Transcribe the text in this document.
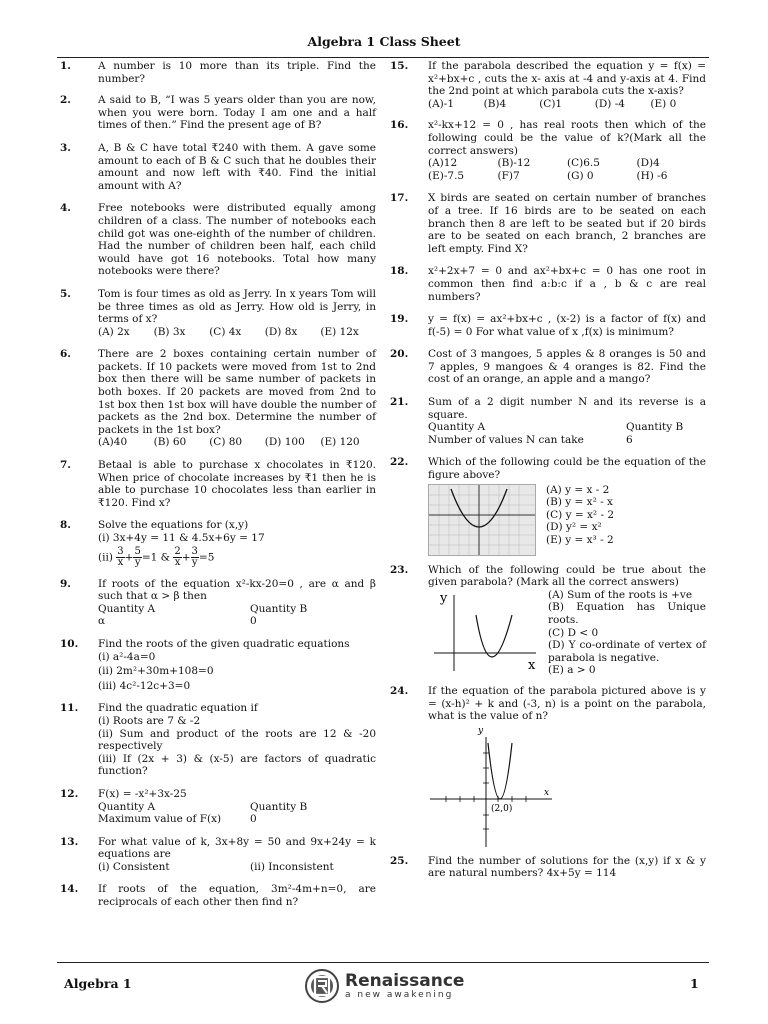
Algebra 1 Class Sheet
1.	A number is 10 more than its triple. Find the number?
2.	A said to B, “I was 5 years older than you are now, when you were born. Today I am one and a half times of then.” Find the present age of B?
3.	A, B & C have total ₹240 with them. A gave some amount to each of B & C such that he doubles their amount and now left with ₹40. Find the initial amount with A?
4.	Free notebooks were distributed equally among children of a class. The number of notebooks each child got was one-eighth of the number of children. Had the number of children been half, each child would have got 16 notebooks. Total how many notebooks were there?
5.	Tom is four times as old as Jerry. In x years Tom will be three times as old as Jerry. How old is Jerry, in terms of x?

(A) 2x	(B) 3x	(C) 4x	(D) 8x	(E) 12x
6.	There are 2 boxes containing certain number of packets. If 10 packets were moved from 1st to 2nd box then there will be same number of packets in both boxes. If 20 packets are moved from 2nd to 1st box then 1st box will have double the number of packets as the 2nd box. Determine the number of packets in the 1st box?

(A)40	(B) 60	(C) 80	(D) 100	(E) 120
7.	Betaal is able to purchase x chocolates in ₹120. When price of chocolate increases by ₹1 then he is able to purchase 10 chocolates less than earlier in ₹120. Find x?
8.	Solve the equations for (x,y)

(i) 3x+4y = 11 & 4.5x+6y = 17

$(ii) \frac{3}{x} + \frac{5}{y} =1$ & $\frac{2}{x} + \frac{3}{y} =5$

9.	If roots of the equation x²-kx-20=0 , are α and β such that α > β then

Quantity A	Quantity B
α	0
10.	Find the roots of the given quadratic equations

(i) a²-4a=0

(ii) 2m²+30m+108=0

(iii) 4c²-12c+3=0

11.	Find the quadratic equation if

(i) Roots are 7 & -2

(ii) Sum and product of the roots are 12 & -20 respectively

(iii) If (2x + 3) & (x-5) are factors of quadratic function?

12.	F(x) = -x²+3x-25

Quantity A	Quantity B
Maximum value of F(x)	0
13.	For what value of k, 3x+8y = 50 and 9x+24y = k equations are

(i) Consistent	(ii) Inconsistent
14.	If roots of the equation, 3m²-4m+n=0, are reciprocals of each other then find n?
15.	If the parabola described the equation y = f(x) = x²+bx+c , cuts the x- axis at -4 and y-axis at 4. Find the 2nd point at which parabola cuts the x-axis?

(A)-1	(B)4	(C)1	(D) -4	(E) 0
16.	x²-kx+12 = 0 , has real roots then which of the following could be the value of k?(Mark all the correct answers)

(A)12	(B)-12	(C)6.5	(D)4
(E)-7.5	(F)7	(G) 0	(H) -6
17.	X birds are seated on certain number of branches of a tree. If 16 birds are to be seated on each branch then 8 are left to be seated but if 20 birds are to be seated on each branch, 2 branches are left empty. Find X?
18.	x²+2x+7 = 0 and ax²+bx+c = 0 has one root in common then find a:b:c if a , b & c are real numbers?
19.	y = f(x) = ax²+bx+c , (x-2) is a factor of f(x) and f(-5) = 0 For what value of x ,f(x) is minimum?
20.	Cost of 3 mangoes, 5 apples & 8 oranges is 50 and 7 apples, 9 mangoes & 4 oranges is 82. Find the cost of an orange, an apple and a mango?
21.	Sum of a 2 digit number N and its reverse is a square.

Quantity A	Quantity B
Number of values N can take	6
22.	Which of the following could be the equation of the figure above?

(A) y = x - 2
(B) y = x² - x
(C) y = x² - 2
(D) y² = x²
(E) y = x³ - 2
23.	Which of the following could be true about the given parabola? (Mark all the correct answers)

y
x
(A) Sum of the roots is +ve
(B) Equation has Unique roots.
(C) D < 0
(D) Y co-ordinate of vertex of parabola is negative.
(E) a > 0
24.	If the equation of the parabola pictured above is y = (x-h)² + k and (-3, n) is a point on the parabola, what is the value of n?

y
x
(2,0)
25.	Find the number of solutions for the (x,y) if x & y are natural numbers? 4x+5y = 114
Algebra 1	Renaissance
a new awakening
1
